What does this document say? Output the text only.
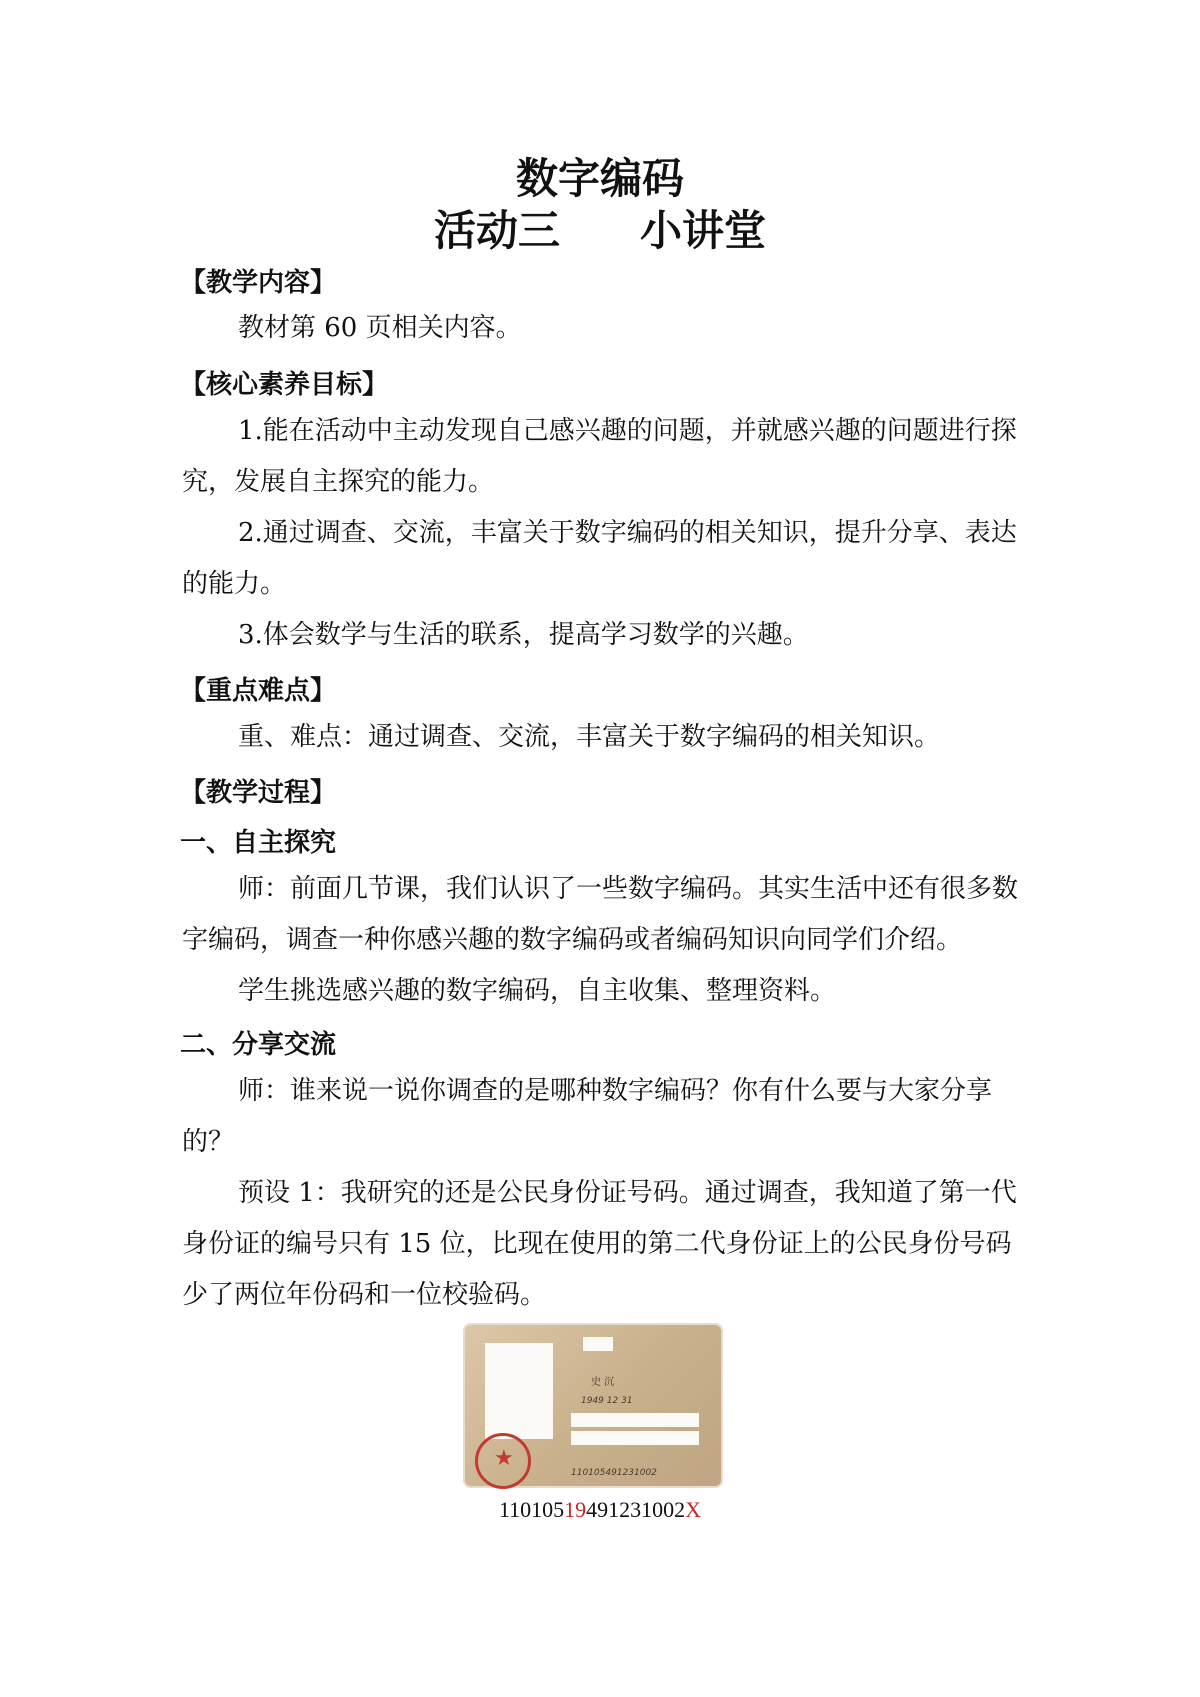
数字编码
活动三 小讲堂
【教学内容】
教材第 60 页相关内容。
【核心素养目标】
1.能在活动中主动发现自己感兴趣的问题，并就感兴趣的问题进行探究，发展自主探究的能力。
2.通过调查、交流，丰富关于数字编码的相关知识，提升分享、表达的能力。
3.体会数学与生活的联系，提高学习数学的兴趣。
【重点难点】
重、难点：通过调查、交流，丰富关于数字编码的相关知识。
【教学过程】
一、自主探究
师：前面几节课，我们认识了一些数字编码。其实生活中还有很多数字编码，调查一种你感兴趣的数字编码或者编码知识向同学们介绍。
学生挑选感兴趣的数字编码，自主收集、整理资料。
二、分享交流
师：谁来说一说你调查的是哪种数字编码？你有什么要与大家分享的？
预设 1：我研究的还是公民身份证号码。通过调查，我知道了第一代身份证的编号只有 15 位，比现在使用的第二代身份证上的公民身份号码少了两位年份码和一位校验码。
史 沉
1949 12 31
★
110105491231002
11010519491231002X
